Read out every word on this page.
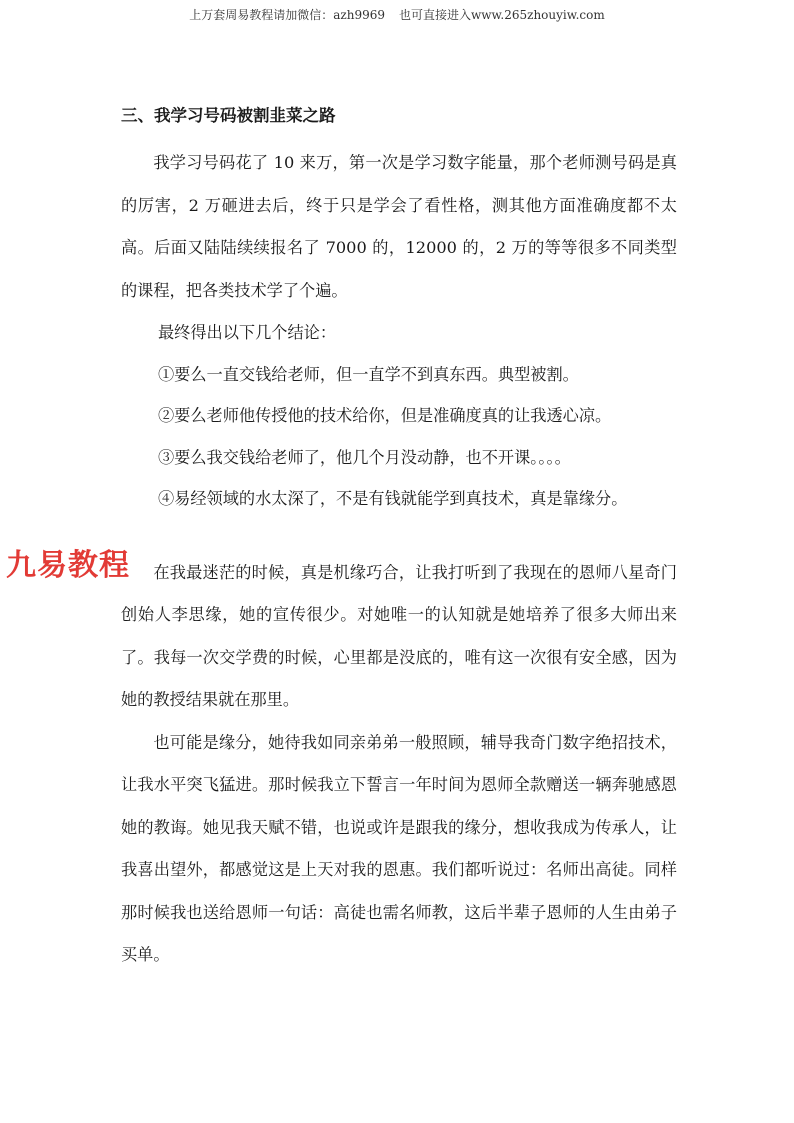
上万套周易教程请加微信：azh9969 也可直接进入www.265zhouyiw.com
九易教程
三、我学习号码被割韭菜之路

我学习号码花了 10 来万，第一次是学习数字能量，那个老师测号码是真的厉害，2 万砸进去后，终于只是学会了看性格，测其他方面准确度都不太高。后面又陆陆续续报名了 7000 的，12000 的，2 万的等等很多不同类型的课程，把各类技术学了个遍。

最终得出以下几个结论：

①要么一直交钱给老师，但一直学不到真东西。典型被割。

②要么老师他传授他的技术给你，但是准确度真的让我透心凉。

③要么我交钱给老师了，他几个月没动静，也不开课。。。。

④易经领域的水太深了，不是有钱就能学到真技术，真是靠缘分。

在我最迷茫的时候，真是机缘巧合，让我打听到了我现在的恩师八星奇门创始人李思缘，她的宣传很少。对她唯一的认知就是她培养了很多大师出来了。我每一次交学费的时候，心里都是没底的，唯有这一次很有安全感，因为她的教授结果就在那里。

也可能是缘分，她待我如同亲弟弟一般照顾，辅导我奇门数字绝招技术，让我水平突飞猛进。那时候我立下誓言一年时间为恩师全款赠送一辆奔驰感恩她的教诲。她见我天赋不错，也说或许是跟我的缘分，想收我成为传承人，让我喜出望外，都感觉这是上天对我的恩惠。我们都听说过：名师出高徒。同样那时候我也送给恩师一句话：高徒也需名师教，这后半辈子恩师的人生由弟子买单。
